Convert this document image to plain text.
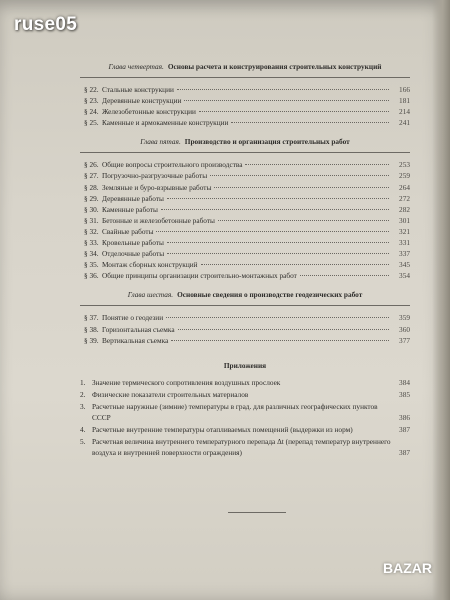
ruse05
Глава четвертая. Основы расчета и конструирования строительных конструкций
§ 22. Стальные конструкции	166
§ 23. Деревянные конструкции	181
§ 24. Железобетонные конструкции	214
§ 25. Каменные и армокаменные конструкции	241
Глава пятая. Производство и организация строительных работ
§ 26. Общие вопросы строительного производства	253
§ 27. Погрузочно-разгрузочные работы	259
§ 28. Земляные и буро-взрывные работы	264
§ 29. Деревянные работы	272
§ 30. Каменные работы	282
§ 31. Бетонные и железобетонные работы	301
§ 32. Свайные работы	321
§ 33. Кровельные работы	331
§ 34. Отделочные работы	337
§ 35. Монтаж сборных конструкций	345
§ 36. Общие принципы организации строительно-монтажных работ	354
Глава шестая. Основные сведения о производстве геодезических работ
§ 37. Понятие о геодезии	359
§ 38. Горизонтальная съемка	360
§ 39. Вертикальная съемка	377
Приложения
1. Значение термического сопротивления воздушных прослоек	384
2. Физические показатели строительных материалов	385
3. Расчетные наружные (зимние) температуры в град. для различных географических пунктов СССР	386
4. Расчетные внутренние температуры отапливаемых помещений (выдержки из норм)	387
5. Расчетная величина внутреннего температурного перепада Δt (перепад температур внутреннего воздуха и внутренней поверхности ограждения)	387
BAZAR
